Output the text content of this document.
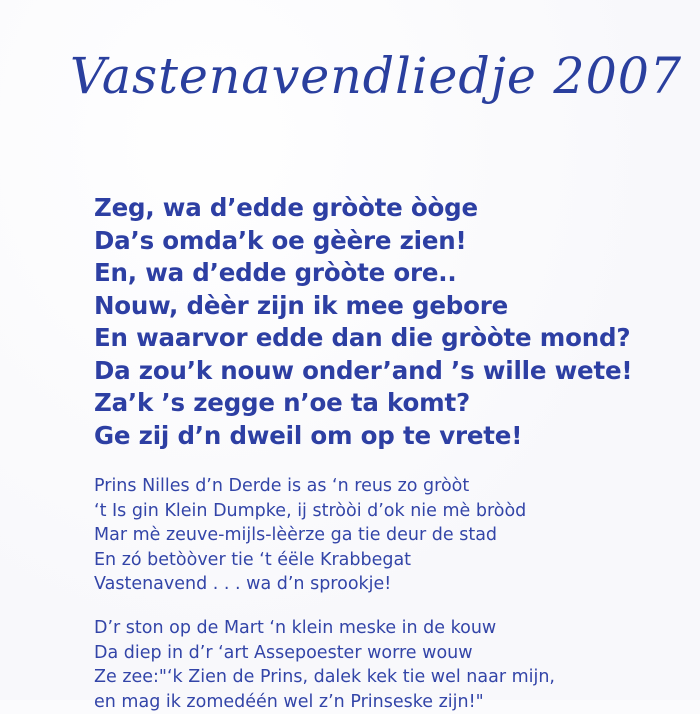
Vastenavendliedje 2007
Zeg, wa d’edde gròòte òòge
Da’s omda’k oe gèère zien!
En, wa d’edde gròòte ore..
Nouw, dèèr zijn ik mee gebore
En waarvor edde dan die gròòte mond?
Da zou’k nouw onder’and ’s wille wete!
Za’k ’s zegge n’oe ta komt?
Ge zij d’n dweil om op te vrete!
Prins Nilles d’n Derde is as ‘n reus zo gròòt
‘t Is gin Klein Dumpke, ij stròòi d’ok nie mè bròòd
Mar mè zeuve-mijls-lèèrze ga tie deur de stad
En zó betòòver tie ‘t éële Krabbegat
Vastenavend . . . wa d’n sprookje!
D’r ston op de Mart ‘n klein meske in de kouw
Da diep in d’r ‘art Assepoester worre wouw
Ze zee:"‘k Zien de Prins, dalek kek tie wel naar mijn,
en mag ik zomedéén wel z’n Prinseske zijn!"
